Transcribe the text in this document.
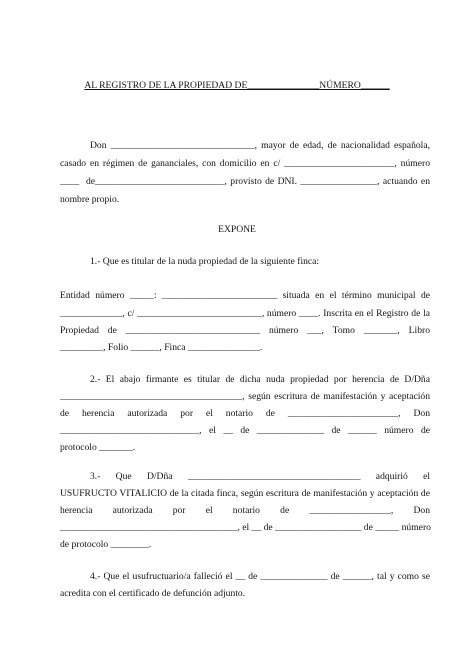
AL REGISTRO DE LA PROPIEDAD DE_______________NÚMERO______
Don ______________________________, mayor de edad, de nacionalidad española,
casado en régimen de gananciales, con domicilio en c/ _______________________, número
____  de___________________________, provisto de DNI. ________________, actuando en
nombre propio.
EXPONE
1.- Que es titular de la nuda propiedad de la siguiente finca:
Entidad número _____: ________________________ situada en el término municipal de
_____________, c/ __________________________, número ____. Inscrita en el Registro de la
Propiedad de ____________________________ número ___, Tomo _______, Libro
_________, Folio ______, Finca _______________.
2.- El abajo firmante es titular de dicha nuda propiedad por herencia de D/Dña
______________________________________, según escritura de manifestación y aceptación
de herencia autorizada por el notario de _______________________, Don
_____________________________, el __ de ______________ de ______ número de
protocolo _______.
3.- Que D/Dña ____________________________________ adquirió el
USUFRUCTO VITALICIO de la citada finca, según escritura de manifestación y aceptación de
herencia autorizada por el notario de _________________, Don
_____________________________________, el __ de __________________ de _____ número
de protocolo ________.
4.- Que el usufructuario/a falleció el __ de ______________ de ______, tal y como se
acredita con el certificado de defunción adjunto.
